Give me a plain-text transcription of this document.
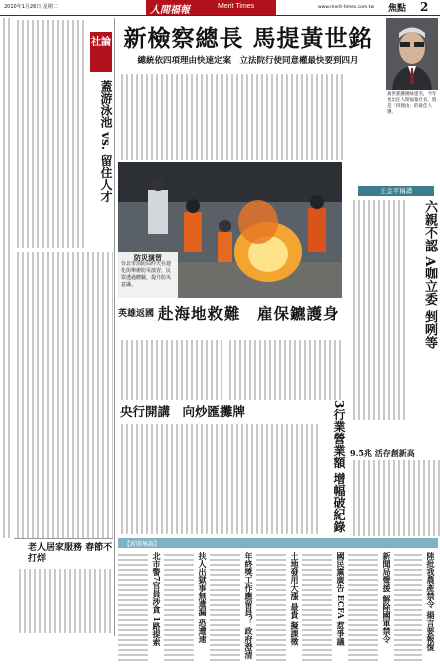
2010年1月26日 星期二	人間福報	Merit Times	www.merit-times.com.tw 焦點 2
社論
蓋游泳池 vs. 留住人才
老人居家服務 春節不打烊
新檢察總長 馬提黃世銘
總統依四項理由快速定案　立法院行使同意權最快要到四月
黃世銘獲總統提名，今年也出任人間福報社長，將是「四理由」的最佳人選。
防災演習
台北市消防局昨天在迪化街舉辦防災演習，民眾透過體驗，提升防災意識。
英雄返國 赴海地救難　雇保鑣護身
央行開講　向炒匯攤牌	3行業營業額 增幅破紀錄
王金平稱讚
六親不認 A咖立委 剉咧等
9.5兆 活存創新高
【新聞集錦】
北市警7官員涉貪 1路提索	扶人出獄事無遺漏 恐遭速	年終獎工作應留員？ 政府澄清	土地發用大漲 最貴 擬課徵	國民黨廣告 ECFA 惹爭議	新聞局聲援 解除國軍禁令	陸批我農產禁令 揚言要報復
